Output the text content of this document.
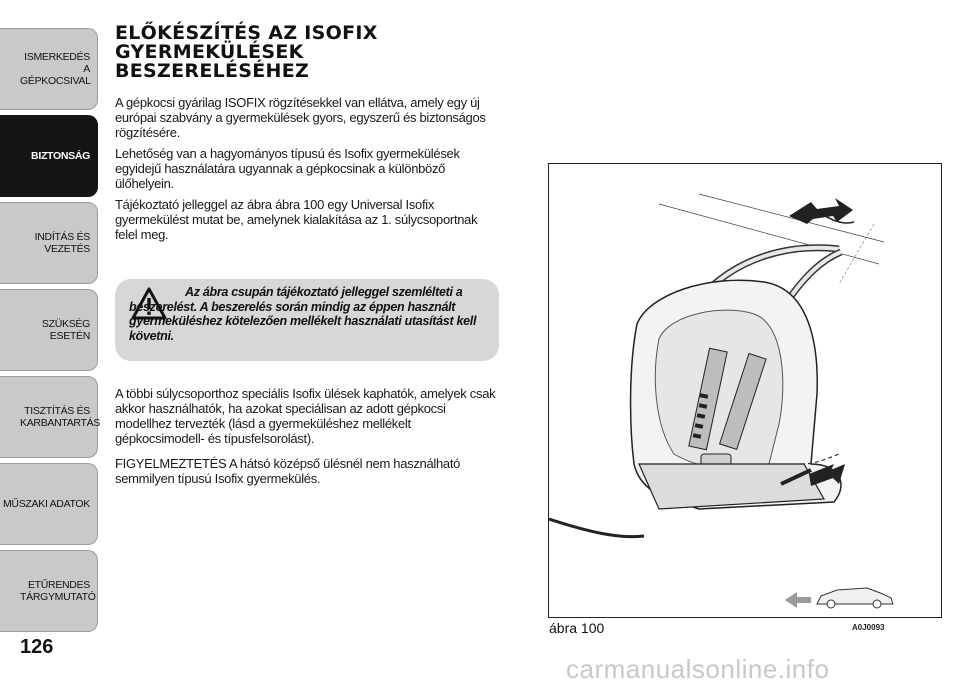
ISMERKEDÉS A GÉPKOCSIVAL
BIZTONSÁG
INDÍTÁS ÉS VEZETÉS
SZÜKSÉG ESETÉN
TISZTÍTÁS ÉS KARBANTARTÁS
MŰSZAKI ADATOK
ETŰRENDES TÁRGYMUTATÓ
126
ELŐKÉSZÍTÉS AZ ISOFIX
GYERMEKÜLÉSEK
BESZERELÉSÉHEZ

A gépkocsi gyárilag ISOFIX rögzítésekkel van ellátva, amely egy új európai szabvány a gyermekülések gyors, egyszerű és biztonságos rögzítésére.

Lehetőség van a hagyományos típusú és Isofix gyermekülések egyidejű használatára ugyannak a gépkocsinak a különböző ülőhelyein.

Tájékoztató jelleggel az ábra ábra 100 egy Universal Isofix gyermekülést mutat be, amelynek kialakítása az 1. súlycsoportnak felel meg.

Az ábra csupán tájékoztató jelleggel szemlélteti a beszerelést. A beszerelés során mindig az éppen használt gyermeküléshez kötelezően mellékelt használati utasítást kell követni.

A többi súlycsoporthoz speciális Isofix ülések kaphatók, amelyek csak akkor használhatók, ha azokat speciálisan az adott gépkocsi modellhez tervezték (lásd a gyermeküléshez mellékelt gépkocsimodell- és típusfelsorolást).

FIGYELMEZTETÉS A hátsó középső ülésnél nem használható semmilyen típusú Isofix gyermekülés.

ábra 100	A0J0093
carmanualsonline.info
